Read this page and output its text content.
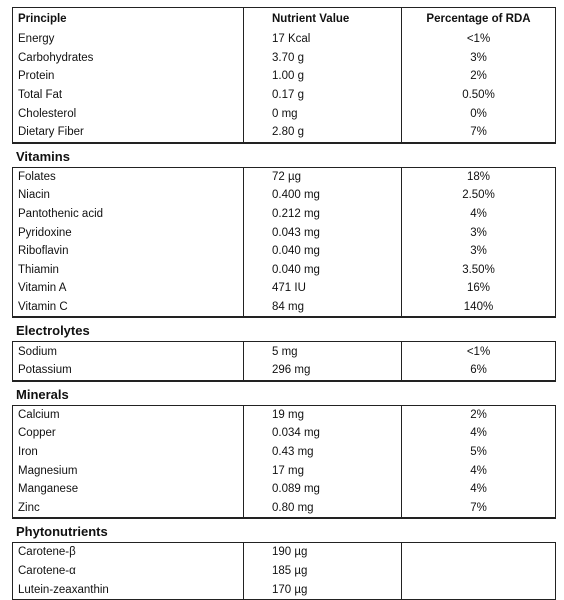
Principle	Nutrient Value	Percentage of RDA
Energy	17 Kcal	<1%
Carbohydrates	3.70 g	3%
Protein	1.00 g	2%
Total Fat	0.17 g	0.50%
Cholesterol	0 mg	0%
Dietary Fiber	2.80 g	7%
Vitamins
Folates	72 µg	18%
Niacin	0.400 mg	2.50%
Pantothenic acid	0.212 mg	4%
Pyridoxine	0.043 mg	3%
Riboflavin	0.040 mg	3%
Thiamin	0.040 mg	3.50%
Vitamin A	471 IU	16%
Vitamin C	84 mg	140%
Electrolytes
Sodium	5 mg	<1%
Potassium	296 mg	6%
Minerals
Calcium	19 mg	2%
Copper	0.034 mg	4%
Iron	0.43 mg	5%
Magnesium	17 mg	4%
Manganese	0.089 mg	4%
Zinc	0.80 mg	7%
Phytonutrients
Carotene-β	190 µg
Carotene-α	185 µg
Lutein-zeaxanthin	170 µg
